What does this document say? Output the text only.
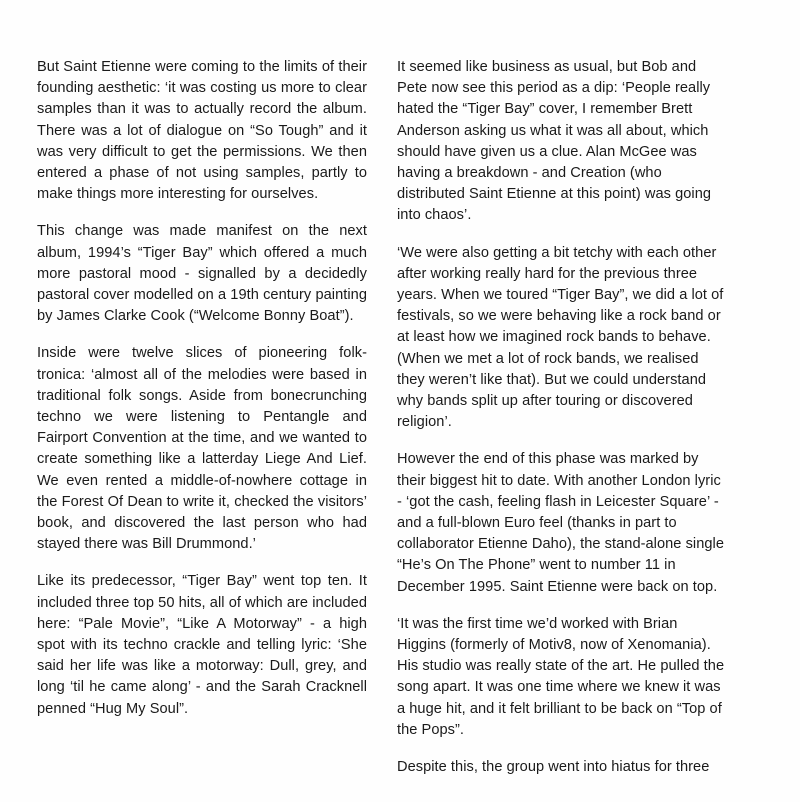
But Saint Etienne were coming to the limits of their founding aesthetic: ‘it was costing us more to clear samples than it was to actually record the album. There was a lot of dialogue on “So Tough” and it was very difficult to get the permissions. We then entered a phase of not using samples, partly to make things more interesting for ourselves.

This change was made manifest on the next album, 1994’s “Tiger Bay” which offered a much more pastoral mood - signalled by a decidedly pastoral cover modelled on a 19th century painting by James Clarke Cook (“Welcome Bonny Boat”).

Inside were twelve slices of pioneering folk-tronica: ‘almost all of the melodies were based in traditional folk songs. Aside from bonecrunching techno we were listening to Pentangle and Fairport Convention at the time, and we wanted to create something like a latterday Liege And Lief. We even rented a middle-of-nowhere cottage in the Forest Of Dean to write it, checked the visitors’ book, and discovered the last person who had stayed there was Bill Drummond.’

Like its predecessor, “Tiger Bay” went top ten. It included three top 50 hits, all of which are included here: “Pale Movie”, “Like A Motorway” - a high spot with its techno crackle and telling lyric: ‘She said her life was like a motorway: Dull, grey, and long ‘til he came along’ - and the Sarah Cracknell penned “Hug My Soul”.

It seemed like business as usual, but Bob and Pete now see this period as a dip: ‘People really hated the “Tiger Bay” cover, I remember Brett Anderson asking us what it was all about, which should have given us a clue. Alan McGee was having a breakdown - and Creation (who distributed Saint Etienne at this point) was going into chaos’.

‘We were also getting a bit tetchy with each other after working really hard for the previous three years. When we toured “Tiger Bay”, we did a lot of festivals, so we were behaving like a rock band or at least how we imagined rock bands to behave. (When we met a lot of rock bands, we realised they weren’t like that). But we could understand why bands split up after touring or discovered religion’.

However the end of this phase was marked by their biggest hit to date. With another London lyric - ‘got the cash, feeling flash in Leicester Square’ - and a full-blown Euro feel (thanks in part to collaborator Etienne Daho), the stand-alone single “He’s On The Phone” went to number 11 in December 1995. Saint Etienne were back on top.

‘It was the first time we’d worked with Brian Higgins (formerly of Motiv8, now of Xenomania). His studio was really state of the art. He pulled the song apart. It was one time where we knew it was a huge hit, and it felt brilliant to be back on “Top of the Pops”.

Despite this, the group went into hiatus for three
